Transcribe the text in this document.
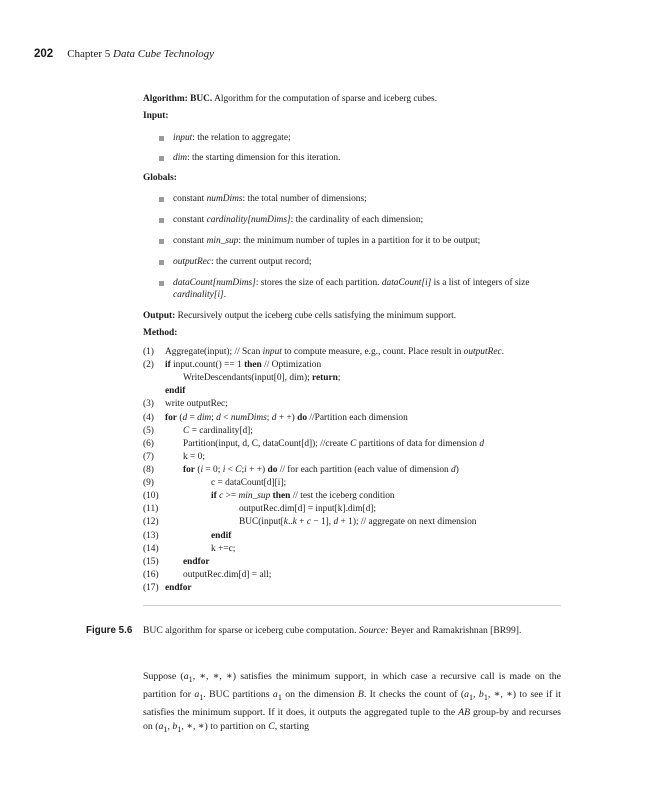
202 Chapter 5 Data Cube Technology
Algorithm: BUC. Algorithm for the computation of sparse and iceberg cubes.
Input:
input: the relation to aggregate;
dim: the starting dimension for this iteration.
Globals:
constant numDims: the total number of dimensions;
constant cardinality[numDims]: the cardinality of each dimension;
constant min_sup: the minimum number of tuples in a partition for it to be output;
outputRec: the current output record;
dataCount[numDims]: stores the size of each partition. dataCount[i] is a list of integers of size cardinality[i].
Output: Recursively output the iceberg cube cells satisfying the minimum support.
Method:
(1) Aggregate(input); // Scan input to compute measure, e.g., count. Place result in outputRec.
(2) if input.count() == 1 then // Optimization
WriteDescendants(input[0], dim); return;
endif
(3) write outputRec;
(4) for (d = dim; d < numDims; d + +) do //Partition each dimension
(5)	C = cardinality[d];
(6)	Partition(input, d, C, dataCount[d]); //create C partitions of data for dimension d
(7)	k = 0;
(8)	for (i = 0; i < C;i + +) do // for each partition (each value of dimension d)
(9)	c = dataCount[d][i];
(10)	if c >= min_sup then // test the iceberg condition
(11)	outputRec.dim[d] = input[k].dim[d];
(12)	BUC(input[k..k + c − 1], d + 1); // aggregate on next dimension
(13)	endif
(14)	k +=c;
(15)	endfor
(16)	outputRec.dim[d] = all;
(17) endfor
Figure 5.6 BUC algorithm for sparse or iceberg cube computation. Source: Beyer and Ramakrishnan [BR99].
Suppose ($a_1$, ∗, ∗, ∗) satisfies the minimum support, in which case a recursive call is made on the partition for $a_1$. BUC partitions $a_1$ on the dimension B. It checks the count of ($a_1$, $b_1$, ∗, ∗) to see if it satisfies the minimum support. If it does, it outputs the aggregated tuple to the AB group-by and recurses on ($a_1$, $b_1$, ∗, ∗) to partition on C, starting
